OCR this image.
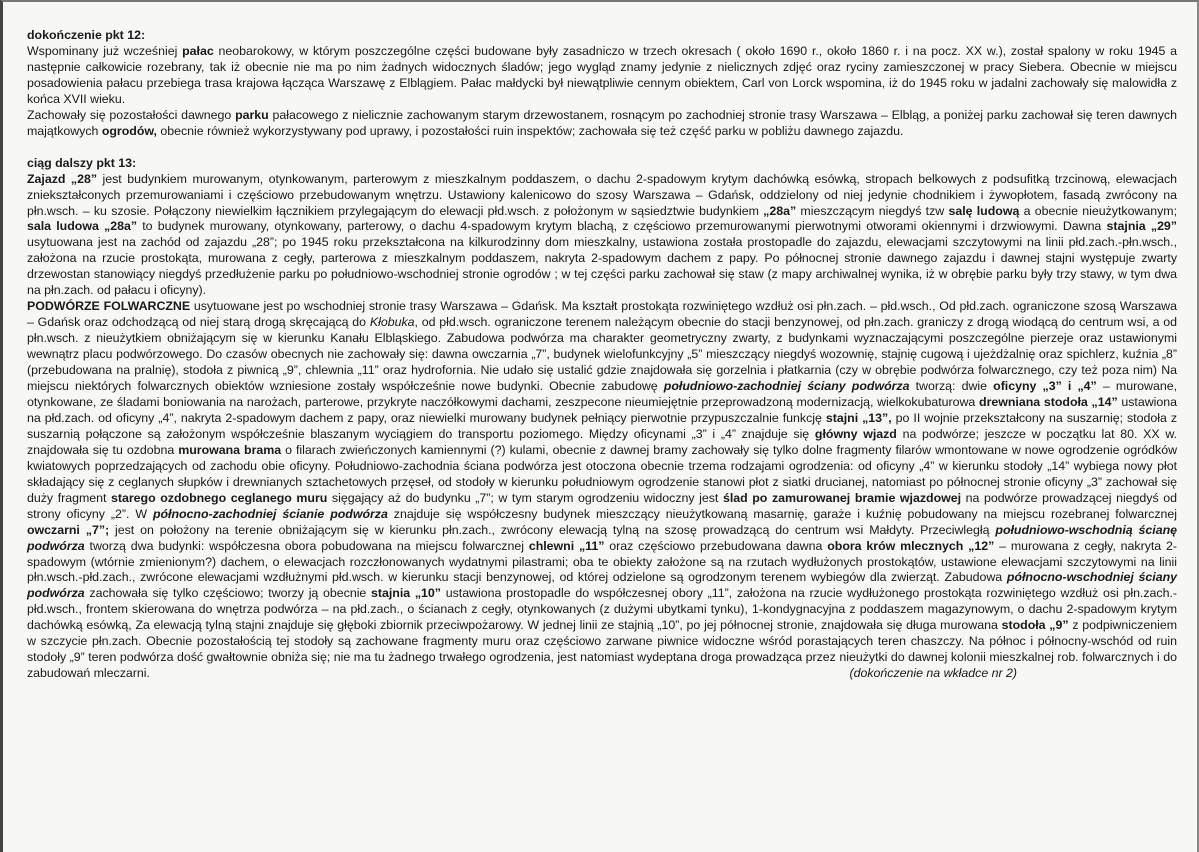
dokończenie pkt 12:

Wspominany już wcześniej pałac neobarokowy, w którym poszczególne części budowane były zasadniczo w trzech okresach ( około 1690 r., około 1860 r. i na pocz. XX w.), został spalony w roku 1945 a następnie całkowicie rozebrany, tak iż obecnie nie ma po nim żadnych widocznych śladów; jego wygląd znamy jedynie z nielicznych zdjęć oraz ryciny zamieszczonej w pracy Siebera. Obecnie w miejscu posadowienia pałacu przebiega trasa krajowa łącząca Warszawę z Elblągiem. Pałac małdycki był niewątpliwie cennym obiektem, Carl von Lorck wspomina, iż do 1945 roku w jadalni zachowały się malowidła z końca XVII wieku.

Zachowały się pozostałości dawnego parku pałacowego z nielicznie zachowanym starym drzewostanem, rosnącym po zachodniej stronie trasy Warszawa – Elbląg, a poniżej parku zachował się teren dawnych majątkowych ogrodów, obecnie również wykorzystywany pod uprawy, i pozostałości ruin inspektów; zachowała się też część parku w pobliżu dawnego zajazdu.

ciąg dalszy pkt 13:

Zajazd „28” jest budynkiem murowanym, otynkowanym, parterowym z mieszkalnym poddaszem, o dachu 2-spadowym krytym dachówką esówką, stropach belkowych z podsufitką trzcinową, elewacjach zniekształconych przemurowaniami i częściowo przebudowanym wnętrzu. Ustawiony kalenicowo do szosy Warszawa – Gdańsk, oddzielony od niej jedynie chodnikiem i żywopłotem, fasadą zwrócony na płn.wsch. – ku szosie. Połączony niewielkim łącznikiem przylegającym do elewacji płd.wsch. z położonym w sąsiedztwie budynkiem „28a” mieszczącym niegdyś tzw salę ludową a obecnie nieużytkowanym; sala ludowa „28a” to budynek murowany, otynkowany, parterowy, o dachu 4-spadowym krytym blachą, z częściowo przemurowanymi pierwotnymi otworami okiennymi i drzwiowymi. Dawna stajnia „29” usytuowana jest na zachód od zajazdu „28”; po 1945 roku przekształcona na kilkurodzinny dom mieszkalny, ustawiona została prostopadle do zajazdu, elewacjami szczytowymi na linii płd.zach.-płn.wsch., założona na rzucie prostokąta, murowana z cegły, parterowa z mieszkalnym poddaszem, nakryta 2-spadowym dachem z papy. Po północnej stronie dawnego zajazdu i dawnej stajni występuje zwarty drzewostan stanowiący niegdyś przedłużenie parku po południowo-wschodniej stronie ogrodów ; w tej części parku zachował się staw (z mapy archiwalnej wynika, iż w obrębie parku były trzy stawy, w tym dwa na płn.zach. od pałacu i oficyny).

PODWÓRZE FOLWARCZNE usytuowane jest po wschodniej stronie trasy Warszawa – Gdańsk. Ma kształt prostokąta rozwiniętego wzdłuż osi płn.zach. – płd.wsch., Od płd.zach. ograniczone szosą Warszawa – Gdańsk oraz odchodzącą od niej starą drogą skręcającą do Kłobuka, od płd.wsch. ograniczone terenem należącym obecnie do stacji benzynowej, od płn.zach. graniczy z drogą wiodącą do centrum wsi, a od płn.wsch. z nieużytkiem obniżającym się w kierunku Kanału Elbląskiego. Zabudowa podwórza ma charakter geometryczny zwarty, z budynkami wyznaczającymi poszczególne pierzeje oraz ustawionymi wewnątrz placu podwórzowego. Do czasów obecnych nie zachowały się: dawna owczarnia „7”, budynek wielofunkcyjny „5” mieszczący niegdyś wozownię, stajnię cugową i ujeżdżalnię oraz spichlerz, kuźnia „8” (przebudowana na pralnię), stodoła z piwnicą „9”, chlewnia „11” oraz hydrofornia. Nie udało się ustalić gdzie znajdowała się gorzelnia i płatkarnia (czy w obrębie podwórza folwarcznego, czy też poza nim) Na miejscu niektórych folwarcznych obiektów wzniesione zostały współcześnie nowe budynki. Obecnie zabudowę południowo-zachodniej ściany podwórza tworzą: dwie oficyny „3” i „4” – murowane, otynkowane, ze śladami boniowania na narożach, parterowe, przykryte naczółkowymi dachami, zeszpecone nieumiejętnie przeprowadzoną modernizacją, wielkokubaturowa drewniana stodoła „14” ustawiona na płd.zach. od oficyny „4”, nakryta 2-spadowym dachem z papy, oraz niewielki murowany budynek pełniący pierwotnie przypuszczalnie funkcję stajni „13”, po II wojnie przekształcony na suszarnię; stodoła z suszarnią połączone są założonym współcześnie blaszanym wyciągiem do transportu poziomego. Między oficynami „3” i „4” znajduje się główny wjazd na podwórze; jeszcze w początku lat 80. XX w. znajdowała się tu ozdobna murowana brama o filarach zwieńczonych kamiennymi (?) kulami, obecnie z dawnej bramy zachowały się tylko dolne fragmenty filarów wmontowane w nowe ogrodzenie ogródków kwiatowych poprzedzających od zachodu obie oficyny. Południowo-zachodnia ściana podwórza jest otoczona obecnie trzema rodzajami ogrodzenia: od oficyny „4” w kierunku stodoły „14” wybiega nowy płot składający się z ceglanych słupków i drewnianych sztachetowych przęseł, od stodoły w kierunku południowym ogrodzenie stanowi płot z siatki drucianej, natomiast po północnej stronie oficyny „3” zachował się duży fragment starego ozdobnego ceglanego muru sięgający aż do budynku „7”; w tym starym ogrodzeniu widoczny jest ślad po zamurowanej bramie wjazdowej na podwórze prowadzącej niegdyś od strony oficyny „2”. W północno-zachodniej ścianie podwórza znajduje się współczesny budynek mieszczący nieużytkowaną masarnię, garaże i kuźnię pobudowany na miejscu rozebranej folwarcznej owczarni „7”; jest on położony na terenie obniżającym się w kierunku płn.zach., zwrócony elewacją tylną na szosę prowadzącą do centrum wsi Małdyty. Przeciwległą południowo-wschodnią ścianę podwórza tworzą dwa budynki: współczesna obora pobudowana na miejscu folwarcznej chlewni „11” oraz częściowo przebudowana dawna obora krów mlecznych „12” – murowana z cegły, nakryta 2-spadowym (wtórnie zmienionym?) dachem, o elewacjach rozczłonowanych wydatnymi pilastrami; oba te obiekty założone są na rzutach wydłużonych prostokątów, ustawione elewacjami szczytowymi na linii płn.wsch.-płd.zach., zwrócone elewacjami wzdłużnymi płd.wsch. w kierunku stacji benzynowej, od której odzielone są ogrodzonym terenem wybiegów dla zwierząt. Zabudowa północno-wschodniej ściany podwórza zachowała się tylko częściowo; tworzy ją obecnie stajnia „10” ustawiona prostopadle do współczesnej obory „11”, założona na rzucie wydłużonego prostokąta rozwiniętego wzdłuż osi płn.zach.-płd.wsch., frontem skierowana do wnętrza podwórza – na płd.zach., o ścianach z cegły, otynkowanych (z dużymi ubytkami tynku), 1-kondygnacyjna z poddaszem magazynowym, o dachu 2-spadowym krytym dachówką esówką, Za elewacją tylną stajni znajduje się głęboki zbiornik przeciwpożarowy. W jednej linii ze stajnią „10”, po jej północnej stronie, znajdowała się długa murowana stodoła „9” z podpiwniczeniem w szczycie płn.zach. Obecnie pozostałością tej stodoły są zachowane fragmenty muru oraz częściowo zarwane piwnice widoczne wśród porastających teren chaszczy. Na północ i północny-wschód od ruin stodoły „9” teren podwórza dość gwałtownie obniża się; nie ma tu żadnego trwałego ogrodzenia, jest natomiast wydeptana droga prowadząca przez nieużytki do dawnej kolonii mieszkalnej rob. folwarcznych i do zabudowań mleczarni.	(dokończenie na wkładce nr 2)
